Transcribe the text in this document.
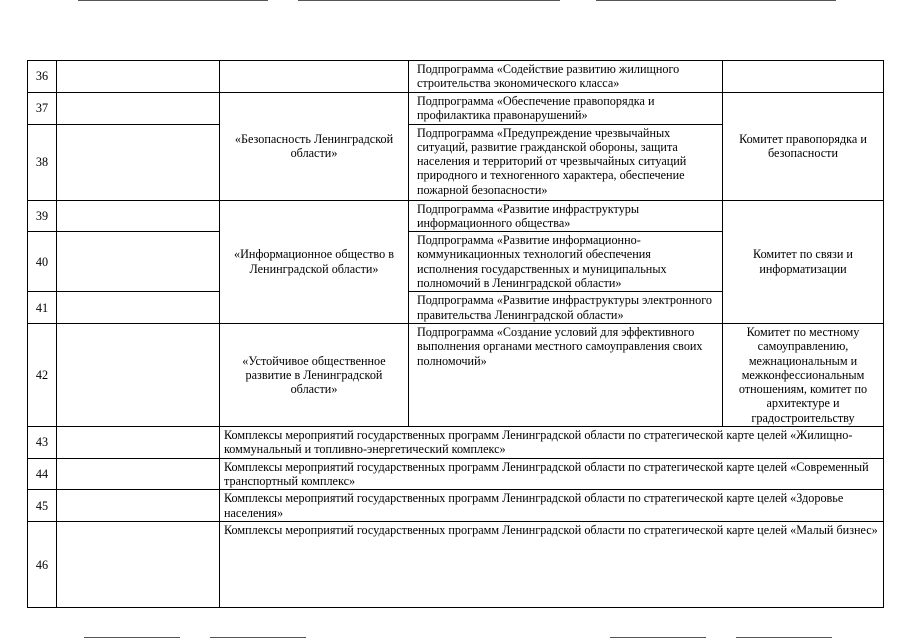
36			Подпрограмма «Содействие развитию жилищного строительства экономического класса»	
37		«Безопасность Ленинградской области»	Подпрограмма «Обеспечение правопорядка и профилактика правонарушений»	Комитет правопорядка и безопасности
38			Подпрограмма «Предупреждение чрезвычайных ситуаций, развитие гражданской обороны, защита населения и территорий от чрезвычайных ситуаций природного и техногенного характера, обеспечение пожарной безопасности»	
39		«Информационное общество в Ленинградской области»	Подпрограмма «Развитие инфраструктуры информационного общества»	Комитет по связи и информатизации
40			Подпрограмма «Развитие информационно-коммуникационных технологий обеспечения исполнения государственных и муниципальных полномочий в Ленинградской области»	
41			Подпрограмма «Развитие инфраструктуры электронного правительства Ленинградской области»	
42		«Устойчивое общественное развитие в Ленинградской области»	Подпрограмма «Создание условий для эффективного выполнения органами местного самоуправления своих полномочий»	Комитет по местному самоуправлению, межнациональным и межконфессиональным отношениям, комитет по архитектуре и градостроительству
43		Комплексы мероприятий государственных программ Ленинградской области по стратегической карте целей «Жилищно-коммунальный и топливно-энергетический комплекс»		
44		Комплексы мероприятий государственных программ Ленинградской области по стратегической карте целей «Современный транспортный комплекс»		
45		Комплексы мероприятий государственных программ Ленинградской области по стратегической карте целей «Здоровье населения»		
46		Комплексы мероприятий государственных программ Ленинградской области по стратегической карте целей «Малый бизнес»		
